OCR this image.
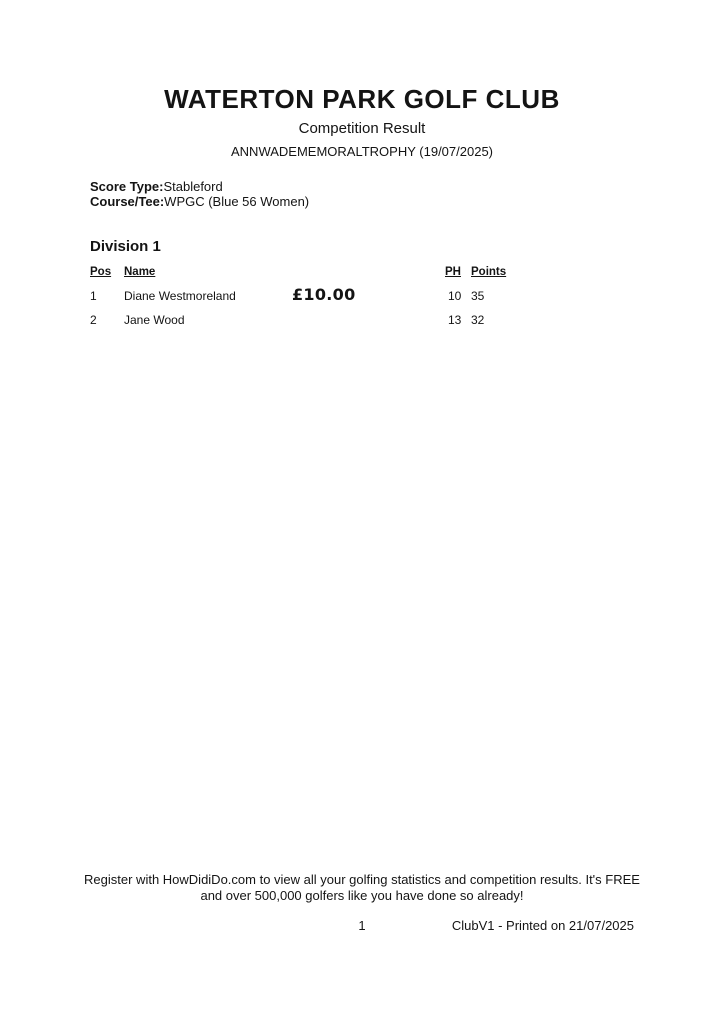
WATERTON PARK GOLF CLUB
Competition Result
ANNWADEMEMORALTROPHY (19/07/2025)
Score Type:Stableford
Course/Tee:WPGC (Blue 56 Women)
Division 1
Pos Name	PH Points
1 Diane Westmoreland	£10.00	10 35
2 Jane Wood	13 32
Register with HowDidiDo.com to view all your golfing statistics and competition results. It's FREE
and over 500,000 golfers like you have done so already!
1	ClubV1 - Printed on 21/07/2025
